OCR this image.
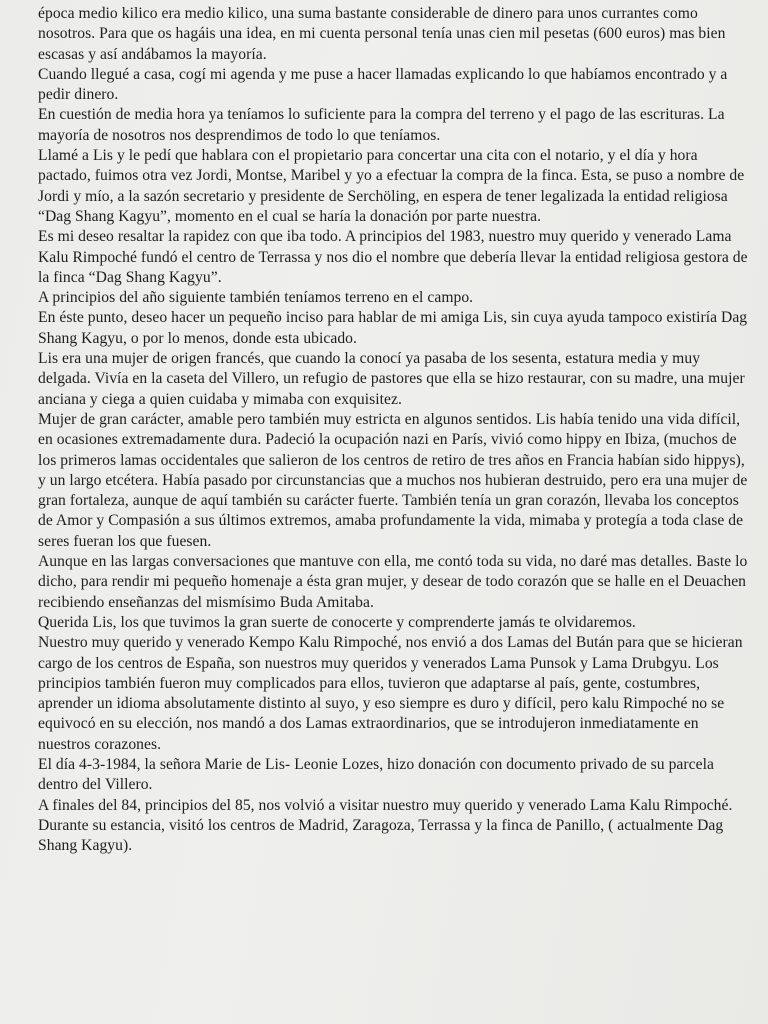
época medio kilico era medio kilico, una suma bastante considerable de dinero para unos currantes como nosotros. Para que os hagáis una idea, en mi cuenta personal tenía unas cien mil pesetas (600 euros) mas bien escasas y así andábamos la mayoría.

Cuando llegué a casa, cogí mi agenda y me puse a hacer llamadas explicando lo que habíamos encontrado y a pedir dinero.

En cuestión de media hora ya teníamos lo suficiente para la compra del terreno y el pago de las escrituras. La mayoría de nosotros nos desprendimos de todo lo que teníamos.

Llamé a Lis y le pedí que hablara con el propietario para concertar una cita con el notario, y el día y hora pactado, fuimos otra vez Jordi, Montse, Maribel y yo a efectuar la compra de la finca. Esta, se puso a nombre de Jordi y mío, a la sazón secretario y presidente de Serchöling, en espera de tener legalizada la entidad religiosa “Dag Shang Kagyu”, momento en el cual se haría la donación por parte nuestra.

Es mi deseo resaltar la rapidez con que iba todo. A principios del 1983, nuestro muy querido y venerado Lama Kalu Rimpoché fundó el centro de Terrassa y nos dio el nombre que debería llevar la entidad religiosa gestora de la finca “Dag Shang Kagyu”.

A principios del año siguiente también teníamos terreno en el campo.

En éste punto, deseo hacer un pequeño inciso para hablar de mi amiga Lis, sin cuya ayuda tampoco existiría Dag Shang Kagyu, o por lo menos, donde esta ubicado.

Lis era una mujer de origen francés, que cuando la conocí ya pasaba de los sesenta, estatura media y muy delgada. Vivía en la caseta del Villero, un refugio de pastores que ella se hizo restaurar, con su madre, una mujer anciana y ciega a quien cuidaba y mimaba con exquisitez.

Mujer de gran carácter, amable pero también muy estricta en algunos sentidos. Lis había tenido una vida difícil, en ocasiones extremadamente dura. Padeció la ocupación nazi en París, vivió como hippy en Ibiza, (muchos de los primeros lamas occidentales que salieron de los centros de retiro de tres años en Francia habían sido hippys), y un largo etcétera. Había pasado por circunstancias que a muchos nos hubieran destruido, pero era una mujer de gran fortaleza, aunque de aquí también su carácter fuerte. También tenía un gran corazón, llevaba los conceptos de Amor y Compasión a sus últimos extremos, amaba profundamente la vida, mimaba y protegía a toda clase de seres fueran los que fuesen.

Aunque en las largas conversaciones que mantuve con ella, me contó toda su vida, no daré mas detalles. Baste lo dicho, para rendir mi pequeño homenaje a ésta gran mujer, y desear de todo corazón que se halle en el Deuachen recibiendo enseñanzas del mismísimo Buda Amitaba.

Querida Lis, los que tuvimos la gran suerte de conocerte y comprenderte jamás te olvidaremos.

Nuestro muy querido y venerado Kempo Kalu Rimpoché, nos envió a dos Lamas del Bután para que se hicieran cargo de los centros de España, son nuestros muy queridos y venerados Lama Punsok y Lama Drubgyu. Los principios también fueron muy complicados para ellos, tuvieron que adaptarse al país, gente, costumbres, aprender un idioma absolutamente distinto al suyo, y eso siempre es duro y difícil, pero kalu Rimpoché no se equivocó en su elección, nos mandó a dos Lamas extraordinarios, que se introdujeron inmediatamente en nuestros corazones.

El día 4-3-1984, la señora Marie de Lis- Leonie Lozes, hizo donación con documento privado de su parcela dentro del Villero.

A finales del 84, principios del 85, nos volvió a visitar nuestro muy querido y venerado Lama Kalu Rimpoché. Durante su estancia, visitó los centros de Madrid, Zaragoza, Terrassa y la finca de Panillo, ( actualmente Dag Shang Kagyu).
